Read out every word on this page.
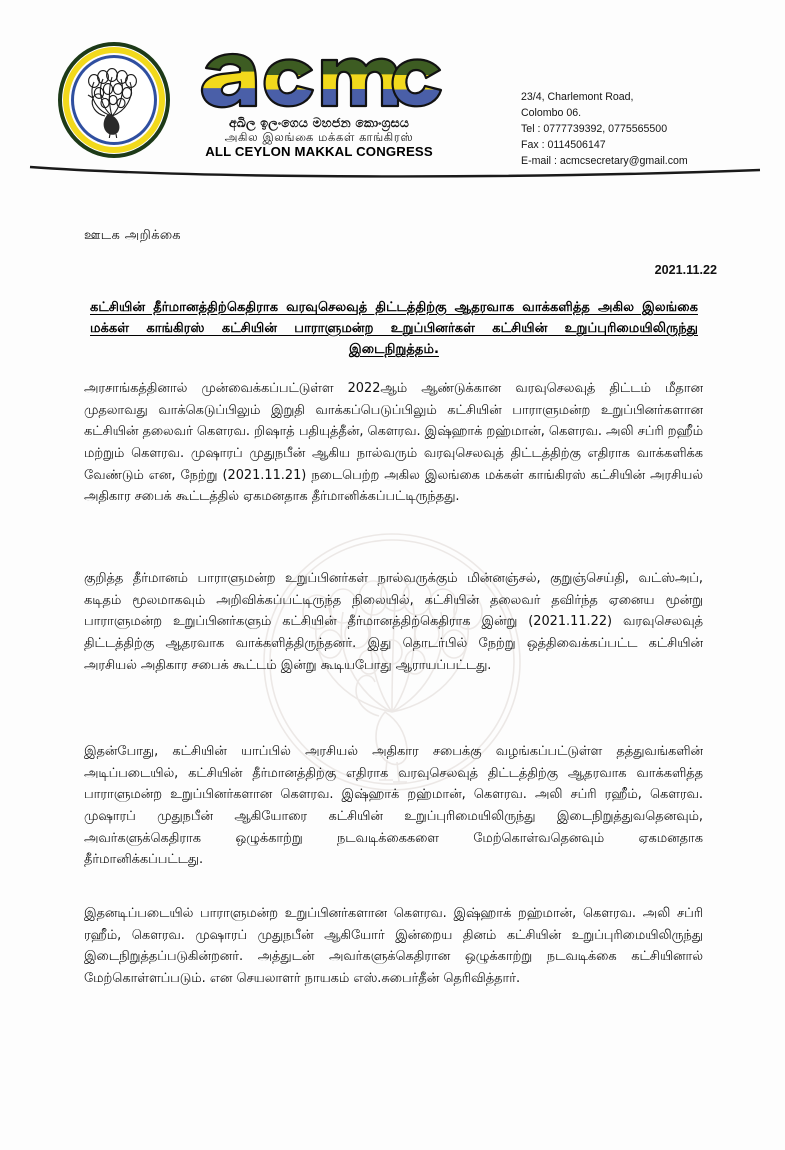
අඛිල ඉලංගෙය මහජන කොංග්‍රසය
அகில இலங்கை மக்கள் காங்கிரஸ்
ALL CEYLON MAKKAL CONGRESS
23/4, Charlemont Road,
Colombo 06.
Tel : 0777739392, 0775565500
Fax : 0114506147
E-mail : acmcsecretary@gmail.com
ஊடக அறிக்கை
2021.11.22
கட்சியின் தீர்மானத்திற்கெதிராக வரவுசெலவுத் திட்டத்திற்கு ஆதரவாக வாக்களித்த அகில இலங்கை மக்கள் காங்கிரஸ் கட்சியின் பாராளுமன்ற உறுப்பினர்கள் கட்சியின் உறுப்புரிமையிலிருந்து இடைநிறுத்தம்.
அரசாங்கத்தினால் முன்வைக்கப்பட்டுள்ள 2022ஆம் ஆண்டுக்கான வரவுசெலவுத் திட்டம் மீதான முதலாவது வாக்கெடுப்பிலும் இறுதி வாக்கப்பெடுப்பிலும் கட்சியின் பாராளுமன்ற உறுப்பினர்களான கட்சியின் தலைவர் கௌரவ. றிஷாத் பதியுத்தீன், கௌரவ. இஷ்ஹாக் றஹ்மான், கௌரவ. அலி சப்ரி றஹீம் மற்றும் கௌரவ. முஷாரப் முதுநபீன் ஆகிய நால்வரும் வரவுசெலவுத் திட்டத்திற்கு எதிராக வாக்களிக்க வேண்டும் என, நேற்று (2021.11.21) நடைபெற்ற அகில இலங்கை மக்கள் காங்கிரஸ் கட்சியின் அரசியல் அதிகார சபைக் கூட்டத்தில் ஏகமனதாக தீர்மானிக்கப்பட்டிருந்தது.
குறித்த தீர்மானம் பாராளுமன்ற உறுப்பினர்கள் நால்வருக்கும் மின்னஞ்சல், குறுஞ்செய்தி, வட்ஸ்அப், கடிதம் மூலமாகவும் அறிவிக்கப்பட்டிருந்த நிலையில், கட்சியின் தலைவர் தவிர்ந்த ஏனைய மூன்று பாராளுமன்ற உறுப்பினர்களும் கட்சியின் தீர்மானத்திற்கெதிராக இன்று (2021.11.22) வரவுசெலவுத் திட்டத்திற்கு ஆதரவாக வாக்களித்திருந்தனர். இது தொடர்பில் நேற்று ஒத்திவைக்கப்பட்ட கட்சியின் அரசியல் அதிகார சபைக் கூட்டம் இன்று கூடியபோது ஆராயப்பட்டது.
இதன்போது, கட்சியின் யாப்பில் அரசியல் அதிகார சபைக்கு வழங்கப்பட்டுள்ள தத்துவங்களின் அடிப்படையில், கட்சியின் தீர்மானத்திற்கு எதிராக வரவுசெலவுத் திட்டத்திற்கு ஆதரவாக வாக்களித்த பாராளுமன்ற உறுப்பினர்களான கௌரவ. இஷ்ஹாக் றஹ்மான், கௌரவ. அலி சப்ரி ரஹீம், கௌரவ. முஷாரப் முதுநபீன் ஆகியோரை கட்சியின் உறுப்புரிமையிலிருந்து இடைநிறுத்துவதெனவும், அவர்களுக்கெதிராக ஒழுக்காற்று நடவடிக்கைகளை மேற்கொள்வதெனவும் ஏகமனதாக தீர்மானிக்கப்பட்டது.
இதனடிப்படையில் பாராளுமன்ற உறுப்பினர்களான கௌரவ. இஷ்ஹாக் றஹ்மான், கௌரவ. அலி சப்ரி ரஹீம், கௌரவ. முஷாரப் முதுநபீன் ஆகியோர் இன்றைய தினம் கட்சியின் உறுப்புரிமையிலிருந்து இடைநிறுத்தப்படுகின்றனர். அத்துடன் அவர்களுக்கெதிரான ஒழுக்காற்று நடவடிக்கை கட்சியினால் மேற்கொள்ளப்படும். என செயலாளர் நாயகம் எஸ்.சுபைர்தீன் தெரிவித்தார்.
